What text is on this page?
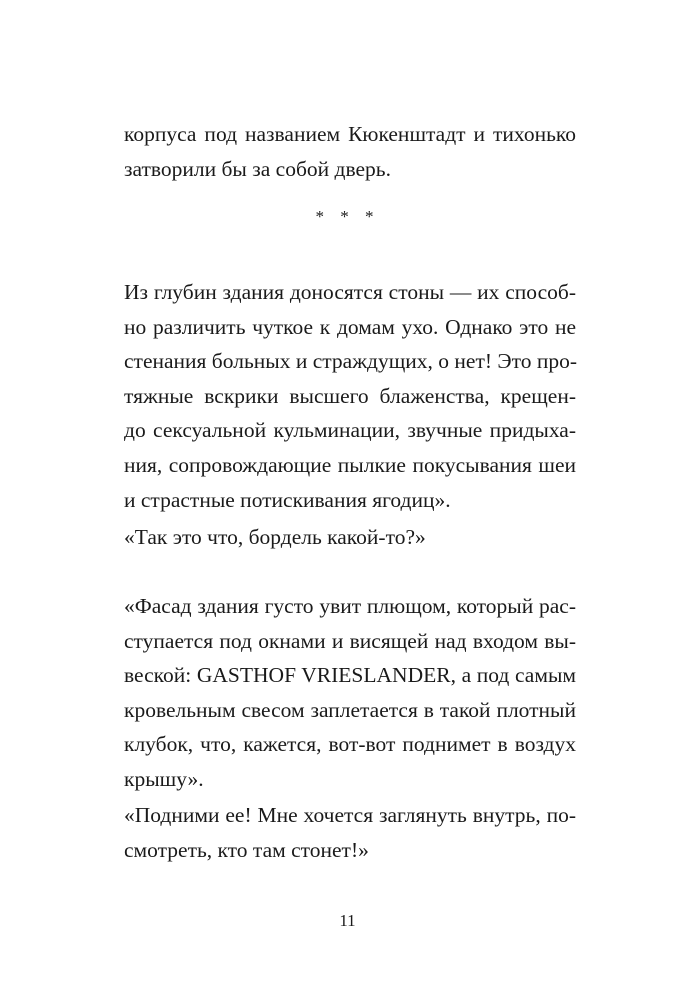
корпуса под названием Кюкенштадт и тихонько
затворили бы за собой дверь.
* * *
Из глубин здания доносятся стоны — их способ-
но различить чуткое к домам ухо. Однако это не
стенания больных и страждущих, о нет! Это про-
тяжные вскрики высшего блаженства, крещен-
до сексуальной кульминации, звучные придыха-
ния, сопровождающие пылкие покусывания шеи
и страстные потискивания ягодиц».
«Так это что, бордель какой-то?»
«Фасад здания густо увит плющом, который рас-
ступается под окнами и висящей над входом вы-
веской: GASTHOF VRIESLANDER, а под самым
кровельным свесом заплетается в такой плотный
клубок, что, кажется, вот-вот поднимет в воздух
крышу».
«Подними ее! Мне хочется заглянуть внутрь, по-
смотреть, кто там стонет!»
11
